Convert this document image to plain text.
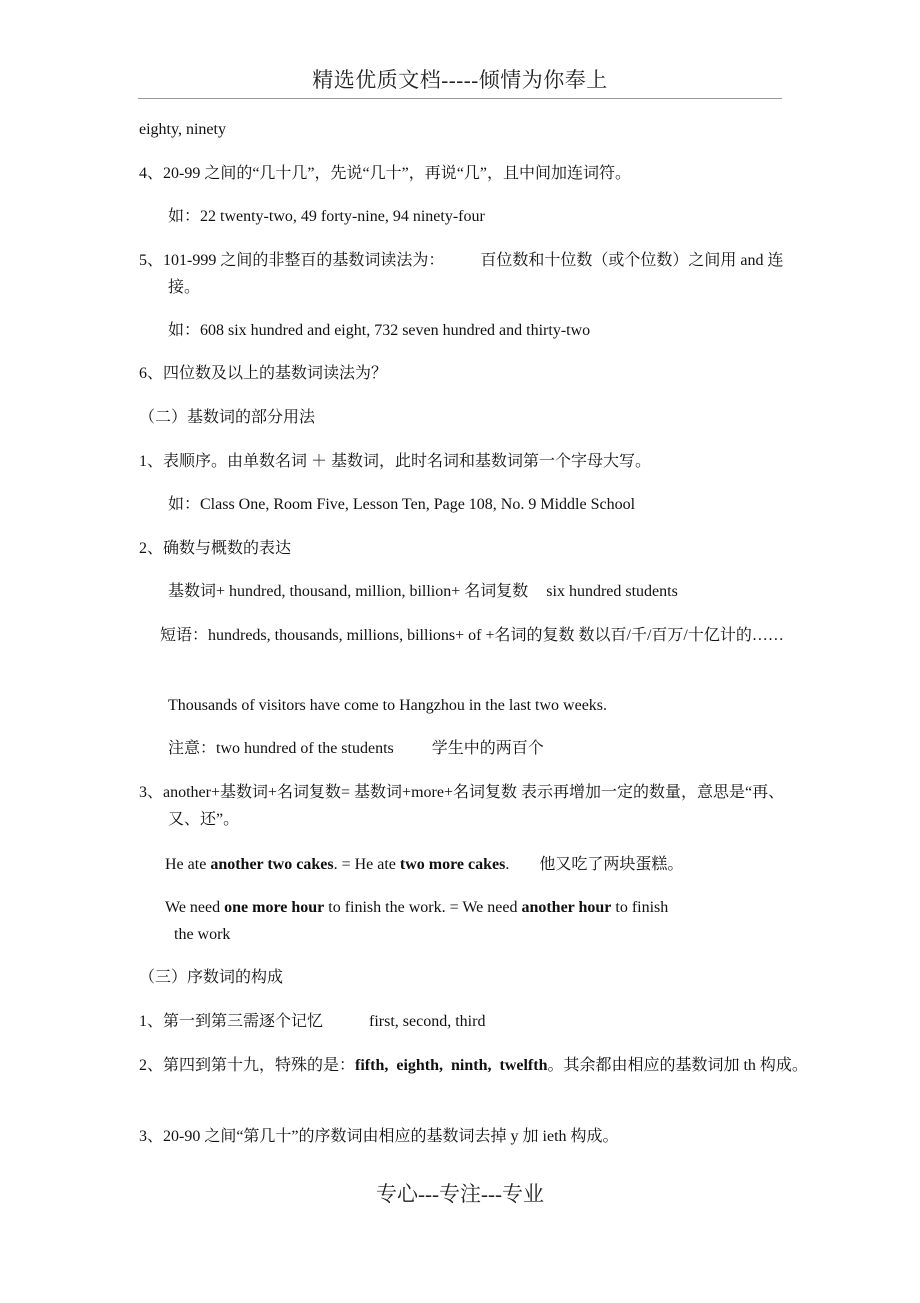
精选优质文档-----倾情为你奉上
eighty, ninety
4、20-99 之间的“几十几”，先说“几十”，再说“几”，且中间加连词符。
如：22 twenty-two, 49 forty-nine, 94 ninety-four
5、101-999 之间的非整百的基数词读法为： 百位数和十位数（或个位数）之间用 and 连接。
如：608 six hundred and eight, 732 seven hundred and thirty-two
6、四位数及以上的基数词读法为？
（二）基数词的部分用法
1、表顺序。由单数名词 ＋ 基数词，此时名词和基数词第一个字母大写。
如：Class One, Room Five, Lesson Ten, Page 108, No. 9 Middle School
2、确数与概数的表达
基数词+ hundred, thousand, million, billion+ 名词复数 six hundred students
短语：hundreds, thousands, millions, billions+ of +名词的复数 数以百/千/百万/十亿计的……
Thousands of visitors have come to Hangzhou in the last two weeks.
注意：two hundred of the students 学生中的两百个
3、another+基数词+名词复数= 基数词+more+名词复数 表示再增加一定的数量，意思是“再、又、还”。
He ate another two cakes. = He ate two more cakes. 他又吃了两块蛋糕。
We need one more hour to finish the work. = We need another hour to finish
the work
（三）序数词的构成
1、第一到第三需逐个记忆	first, second, third
2、第四到第十九，特殊的是：fifth,  eighth,  ninth,  twelfth。其余都由相应的基数词加 th 构成。
3、20-90 之间“第几十”的序数词由相应的基数词去掉 y 加 ieth 构成。
专心---专注---专业
